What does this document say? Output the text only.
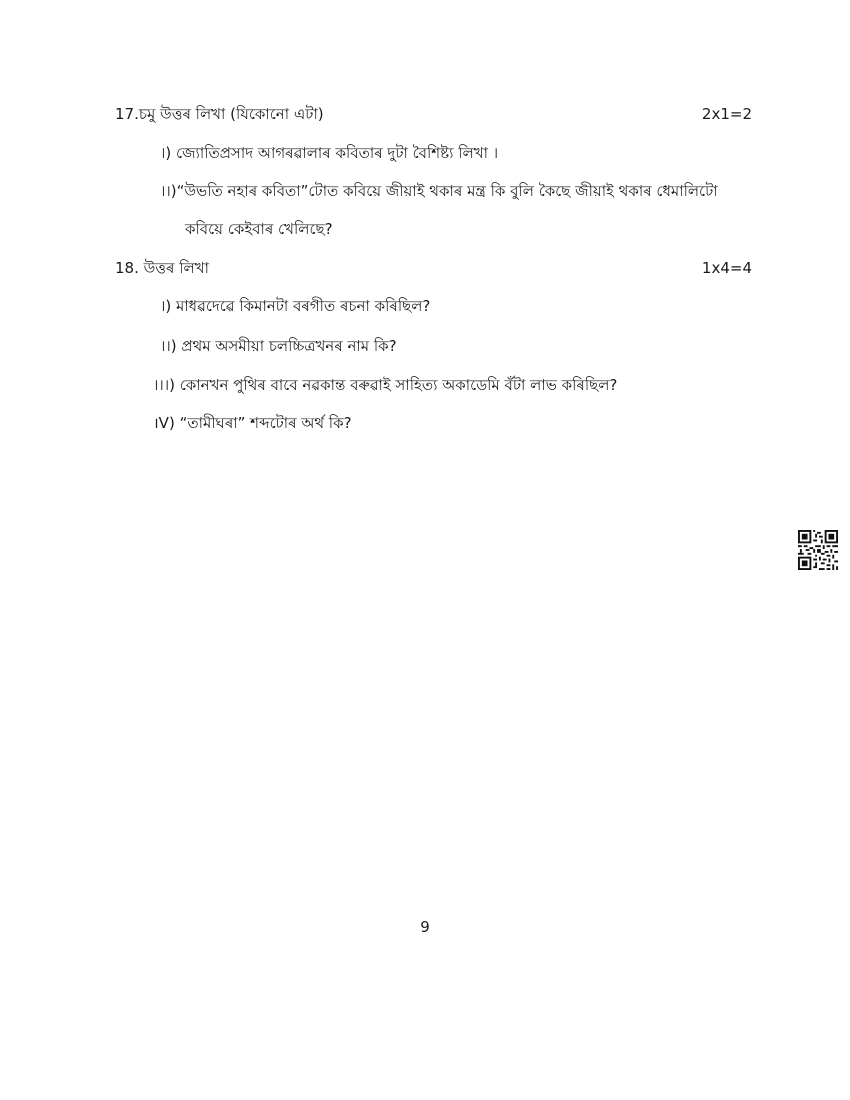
17.চমু উত্তৰ লিখা (যিকোনো এটা)	2x1=2
।) জ্যোতিপ্ৰসাদ আগৰৱালাৰ কবিতাৰ দুটা বৈশিষ্ট্য লিখা ।
।।)“উভতি নহাৰ কবিতা”টোত কবিয়ে জীয়াই থকাৰ মন্ত্ৰ কি বুলি কৈছে জীয়াই থকাৰ ধেমালিটো
কবিয়ে কেইবাৰ খেলিছে?
18. উত্তৰ লিখা	1x4=4
।) মাধৱদেৱে কিমানটা বৰগীত ৰচনা কৰিছিল?
।।) প্ৰথম অসমীয়া চলচ্চিত্ৰখনৰ নাম কি?
।।।) কোনখন পুথিৰ বাবে নৱকান্ত বৰুৱাই সাহিত্য অকাডেমি বঁটা লাভ কৰিছিল?
।V) “তামীঘৰা” শব্দটোৰ অৰ্থ কি?
9
